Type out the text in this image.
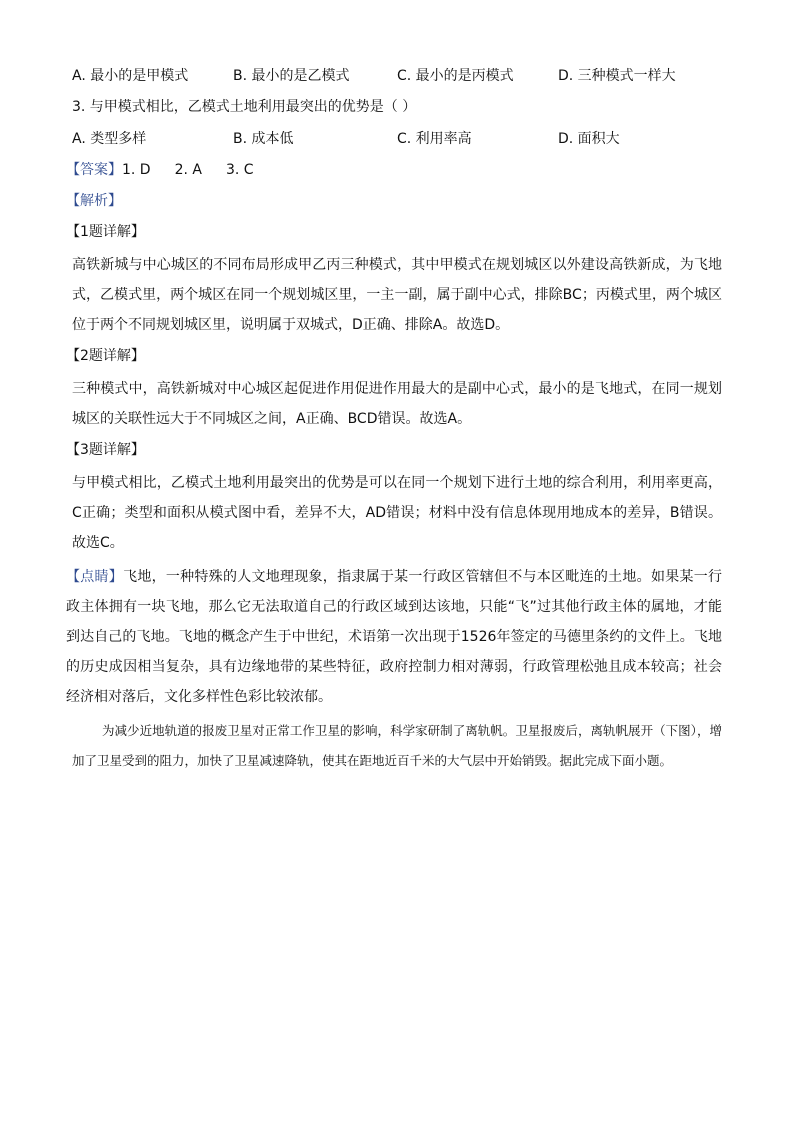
A. 最小的是甲模式	B. 最小的是乙模式	C. 最小的是丙模式	D. 三种模式一样大
3. 与甲模式相比，乙模式土地利用最突出的优势是（ ）
A. 类型多样	B. 成本低	C. 利用率高	D. 面积大
【答案】1. D 2. A 3. C
【解析】
【1题详解】
高铁新城与中心城区的不同布局形成甲乙丙三种模式，其中甲模式在规划城区以外建设高铁新成，为飞地式，乙模式里，两个城区在同一个规划城区里，一主一副，属于副中心式，排除BC；丙模式里，两个城区位于两个不同规划城区里，说明属于双城式，D正确、排除A。故选D。
【2题详解】
三种模式中，高铁新城对中心城区起促进作用促进作用最大的是副中心式，最小的是飞地式，在同一规划城区的关联性远大于不同城区之间，A正确、BCD错误。故选A。
【3题详解】
与甲模式相比，乙模式土地利用最突出的优势是可以在同一个规划下进行土地的综合利用，利用率更高，C正确；类型和面积从模式图中看，差异不大，AD错误；材料中没有信息体现用地成本的差异，B错误。故选C。
【点睛】飞地，一种特殊的人文地理现象，指隶属于某一行政区管辖但不与本区毗连的土地。如果某一行政主体拥有一块飞地，那么它无法取道自己的行政区域到达该地，只能“飞”过其他行政主体的属地，才能到达自己的飞地。飞地的概念产生于中世纪，术语第一次出现于1526年签定的马德里条约的文件上。飞地的历史成因相当复杂，具有边缘地带的某些特征，政府控制力相对薄弱，行政管理松弛且成本较高；社会经济相对落后，文化多样性色彩比较浓郁。
为减少近地轨道的报废卫星对正常工作卫星的影响，科学家研制了离轨帆。卫星报废后，离轨帆展开（下图），增加了卫星受到的阻力，加快了卫星减速降轨，使其在距地近百千米的大气层中开始销毁。据此完成下面小题。
